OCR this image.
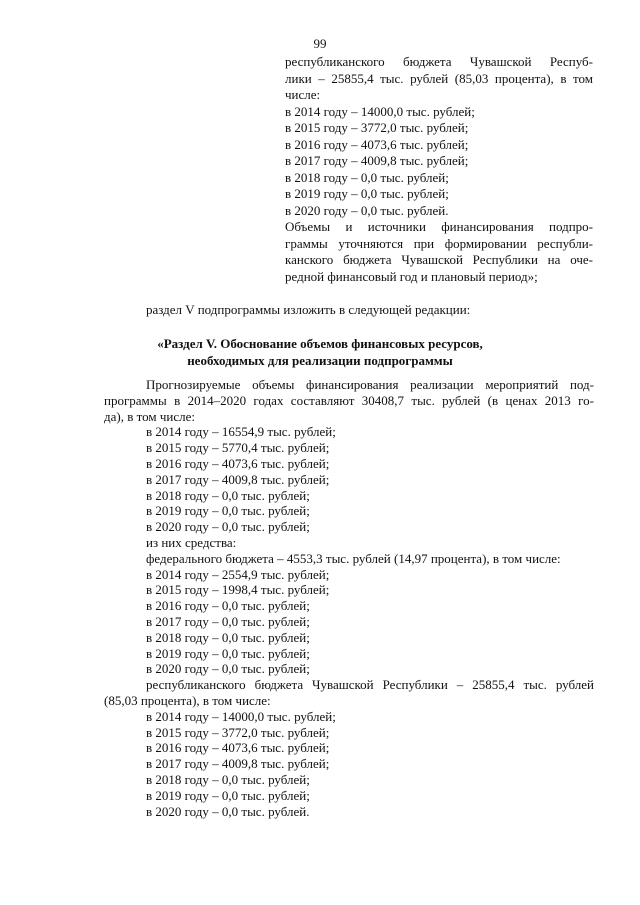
99
республиканского бюджета Чувашской Респуб-
лики – 25855,4 тыс. рублей (85,03 процента), в том
числе:
в 2014 году – 14000,0 тыс. рублей;
в 2015 году – 3772,0 тыс. рублей;
в 2016 году – 4073,6 тыс. рублей;
в 2017 году – 4009,8 тыс. рублей;
в 2018 году – 0,0 тыс. рублей;
в 2019 году – 0,0 тыс. рублей;
в 2020 году – 0,0 тыс. рублей.
Объемы и источники финансирования подпро-
граммы уточняются при формировании республи-
канского бюджета Чувашской Республики на оче-
редной финансовый год и плановый период»;
раздел V подпрограммы изложить в следующей редакции:
«Раздел V. Обоснование объемов финансовых ресурсов,
необходимых для реализации подпрограммы
Прогнозируемые объемы финансирования реализации мероприятий под-
программы в 2014–2020 годах составляют 30408,7 тыс. рублей (в ценах 2013 го-
да), в том числе:
в 2014 году – 16554,9 тыс. рублей;
в 2015 году – 5770,4 тыс. рублей;
в 2016 году – 4073,6 тыс. рублей;
в 2017 году – 4009,8 тыс. рублей;
в 2018 году – 0,0 тыс. рублей;
в 2019 году – 0,0 тыс. рублей;
в 2020 году – 0,0 тыс. рублей;
из них средства:
федерального бюджета – 4553,3 тыс. рублей (14,97 процента), в том числе:
в 2014 году – 2554,9 тыс. рублей;
в 2015 году – 1998,4 тыс. рублей;
в 2016 году – 0,0 тыс. рублей;
в 2017 году – 0,0 тыс. рублей;
в 2018 году – 0,0 тыс. рублей;
в 2019 году – 0,0 тыс. рублей;
в 2020 году – 0,0 тыс. рублей;
республиканского бюджета Чувашской Республики – 25855,4 тыс. рублей
(85,03 процента), в том числе:
в 2014 году – 14000,0 тыс. рублей;
в 2015 году – 3772,0 тыс. рублей;
в 2016 году – 4073,6 тыс. рублей;
в 2017 году – 4009,8 тыс. рублей;
в 2018 году – 0,0 тыс. рублей;
в 2019 году – 0,0 тыс. рублей;
в 2020 году – 0,0 тыс. рублей.
